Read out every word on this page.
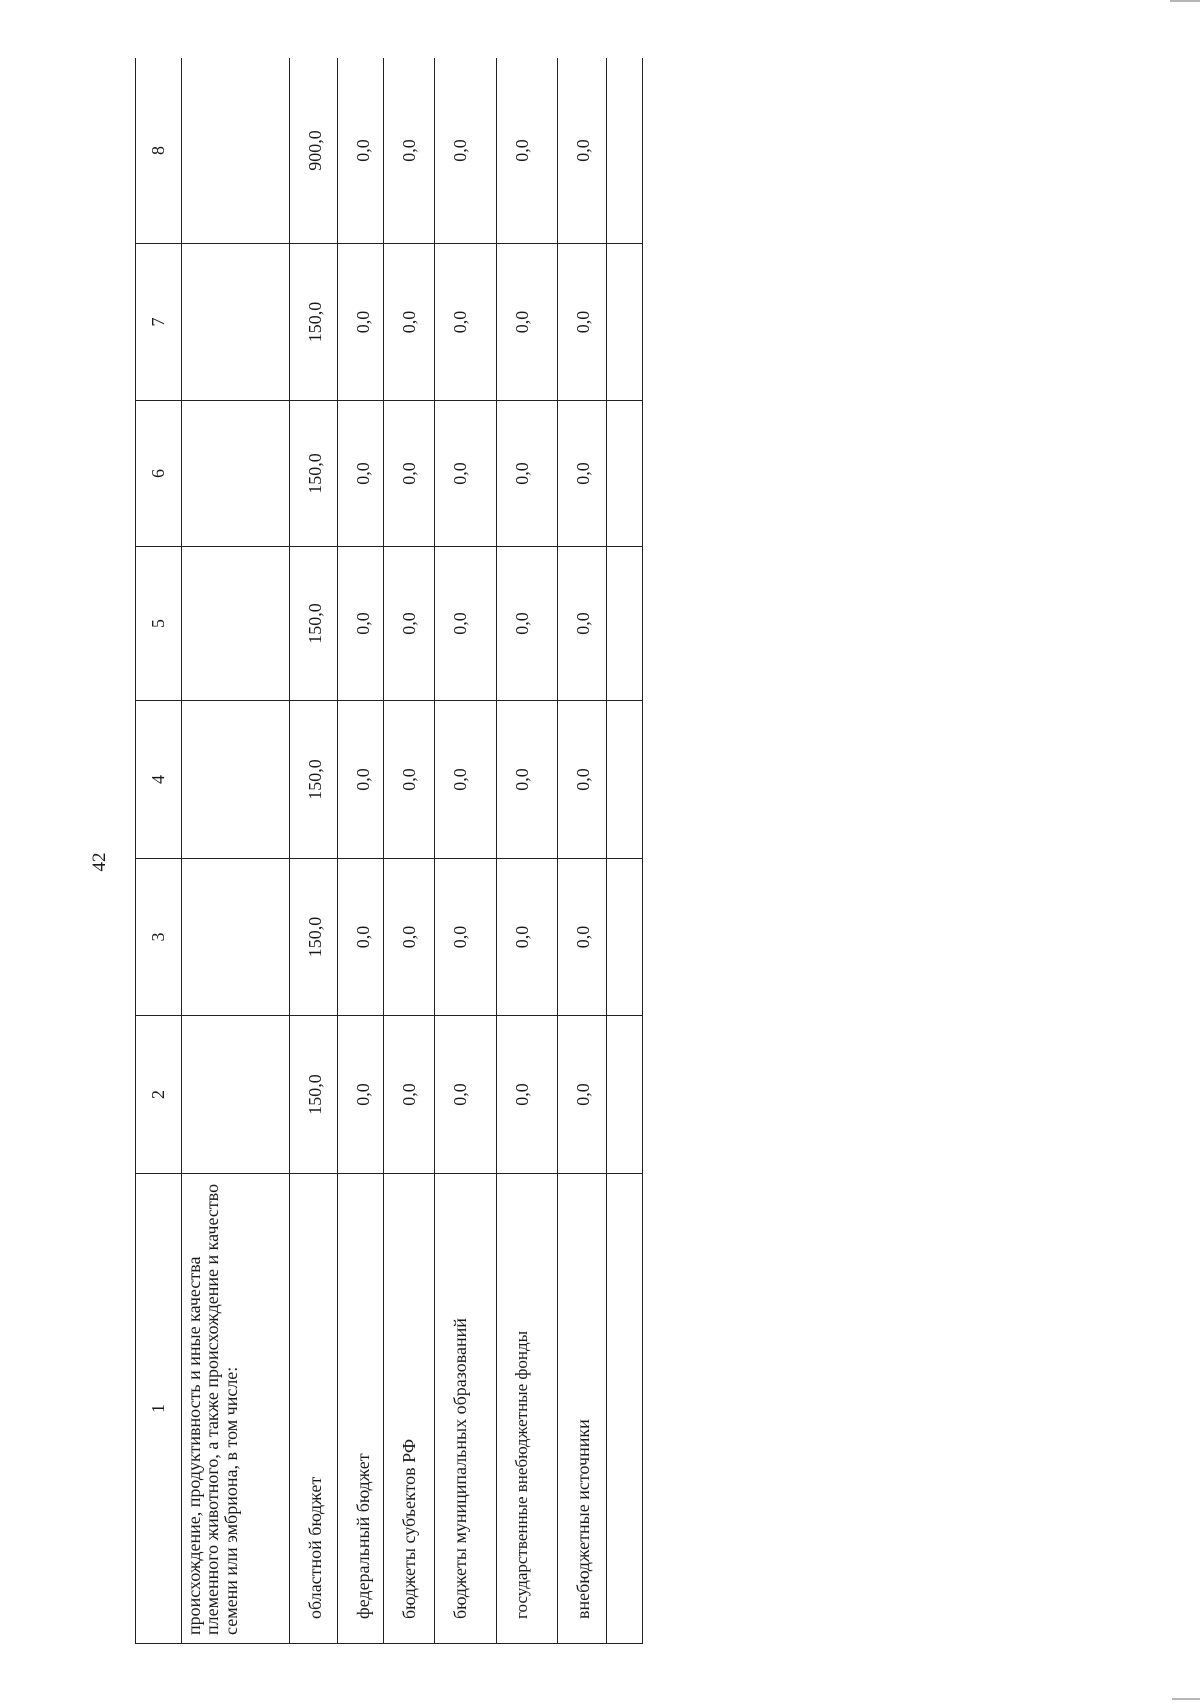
42
1	2	3	4	5	6	7	8
происхождение, продуктивность и иные качества племенного животного, а также происхождение и качество семени или эмбриона, в том числе:							
областной бюджет	150,0	150,0	150,0	150,0	150,0	150,0	900,0
федеральный бюджет	0,0	0,0	0,0	0,0	0,0	0,0	0,0
бюджеты субъектов РФ	0,0	0,0	0,0	0,0	0,0	0,0	0,0
бюджеты муниципальных образований	0,0	0,0	0,0	0,0	0,0	0,0	0,0
государственные внебюджетные фонды	0,0	0,0	0,0	0,0	0,0	0,0	0,0
внебюджетные источники	0,0	0,0	0,0	0,0	0,0	0,0	0,0
